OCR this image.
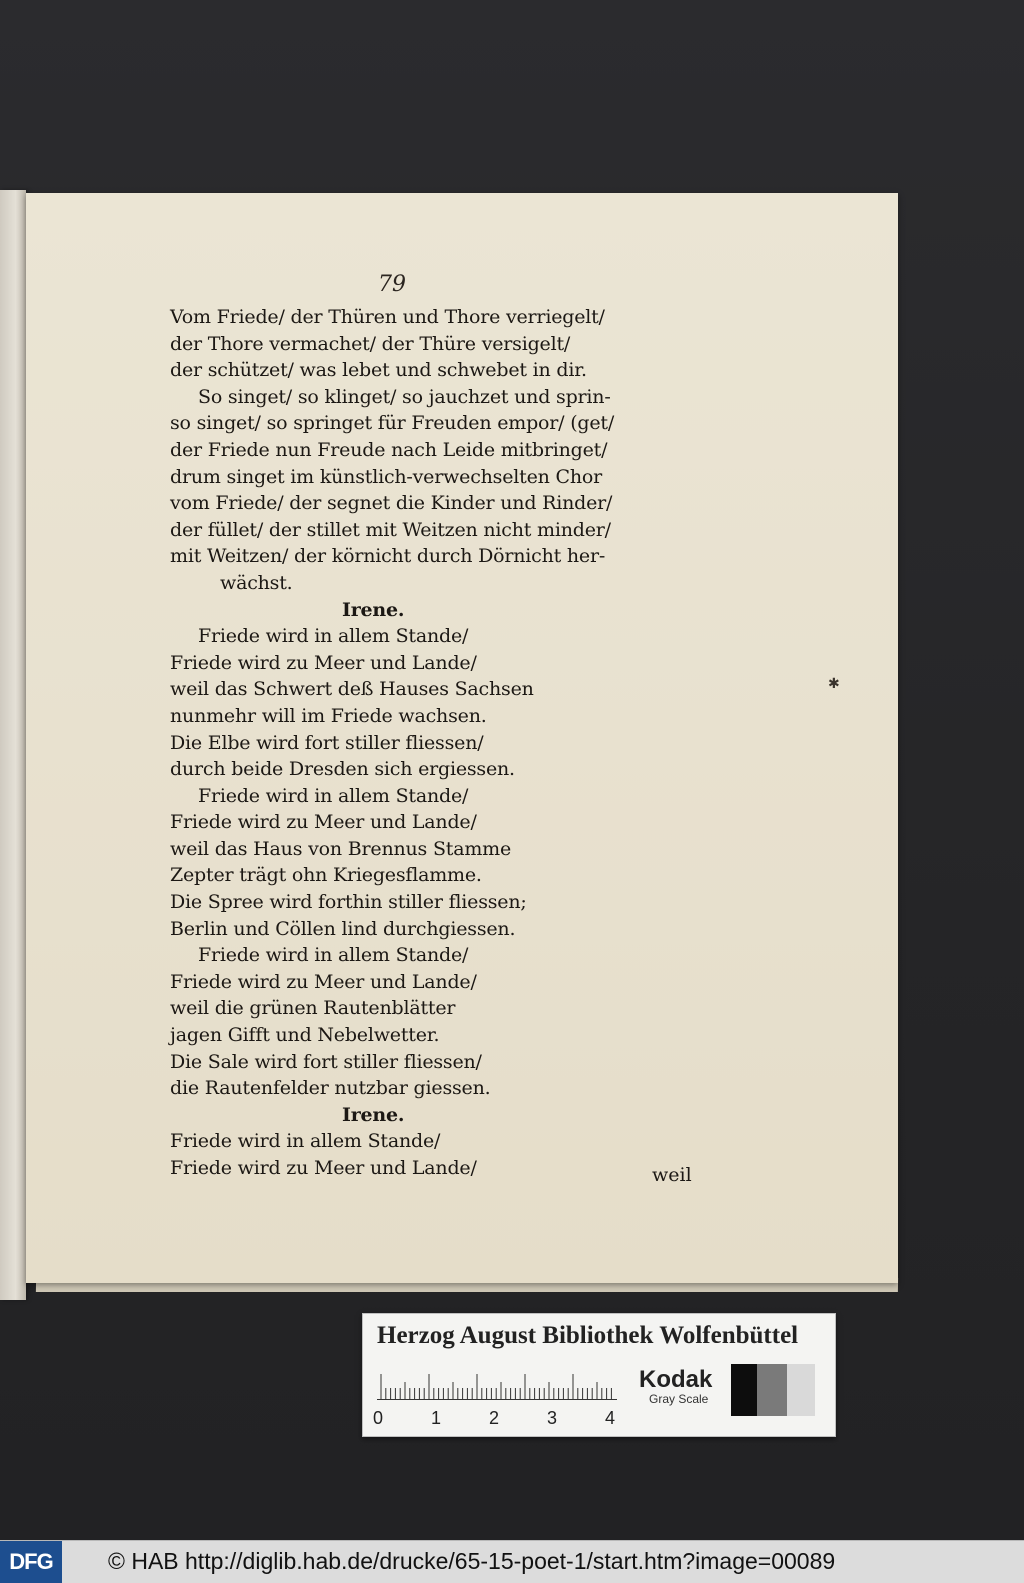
79
Vom Friede/ der Thüren und Thore verriegelt/
der Thore vermachet/ der Thüre versigelt/
der schützet/ was lebet und schwebet in dir.
So singet/ so klinget/ so jauchzet und sprin-
so singet/ so springet für Freuden empor/ (get/
der Friede nun Freude nach Leide mitbringet/
drum singet im künstlich-verwechselten Chor
vom Friede/ der segnet die Kinder und Rinder/
der füllet/ der stillet mit Weitzen nicht minder/
mit Weitzen/ der körnicht durch Dörnicht her-
wächst.
Irene.
Friede wird in allem Stande/
Friede wird zu Meer und Lande/
weil das Schwert deß Hauses Sachsen
nunmehr will im Friede wachsen.
Die Elbe wird fort stiller fliessen/
durch beide Dresden sich ergiessen.
Friede wird in allem Stande/
Friede wird zu Meer und Lande/
weil das Haus von Brennus Stamme
Zepter trägt ohn Kriegesflamme.
Die Spree wird forthin stiller fliessen;
Berlin und Cöllen lind durchgiessen.
Friede wird in allem Stande/
Friede wird zu Meer und Lande/
weil die grünen Rautenblätter
jagen Gifft und Nebelwetter.
Die Sale wird fort stiller fliessen/
die Rautenfelder nutzbar giessen.
Irene.
Friede wird in allem Stande/
Friede wird zu Meer und Lande/	weil
✱
Herzog August Bibliothek Wolfenbüttel
0	1	2	3	4
Kodak
Gray Scale
DFG	© HAB http://diglib.hab.de/drucke/65-15-poet-1/start.htm?image=00089
